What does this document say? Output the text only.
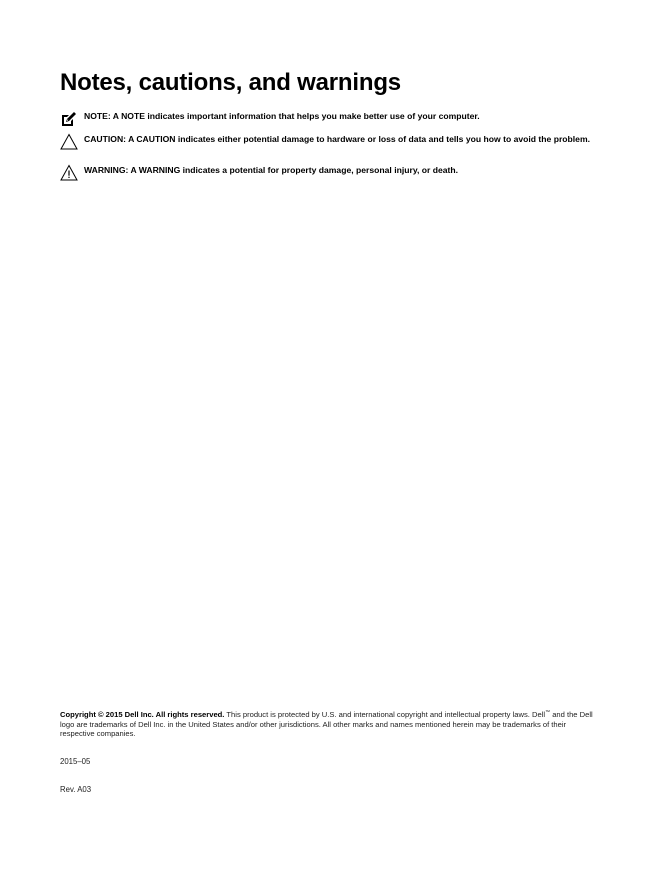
Notes, cautions, and warnings
NOTE: A NOTE indicates important information that helps you make better use of your computer.
CAUTION: A CAUTION indicates either potential damage to hardware or loss of data and tells you how to avoid the problem.
WARNING: A WARNING indicates a potential for property damage, personal injury, or death.
Copyright © 2015 Dell Inc. All rights reserved. This product is protected by U.S. and international copyright and intellectual property laws. Dell™ and the Dell logo are trademarks of Dell Inc. in the United States and/or other jurisdictions. All other marks and names mentioned herein may be trademarks of their respective companies.
2015–05
Rev. A03
